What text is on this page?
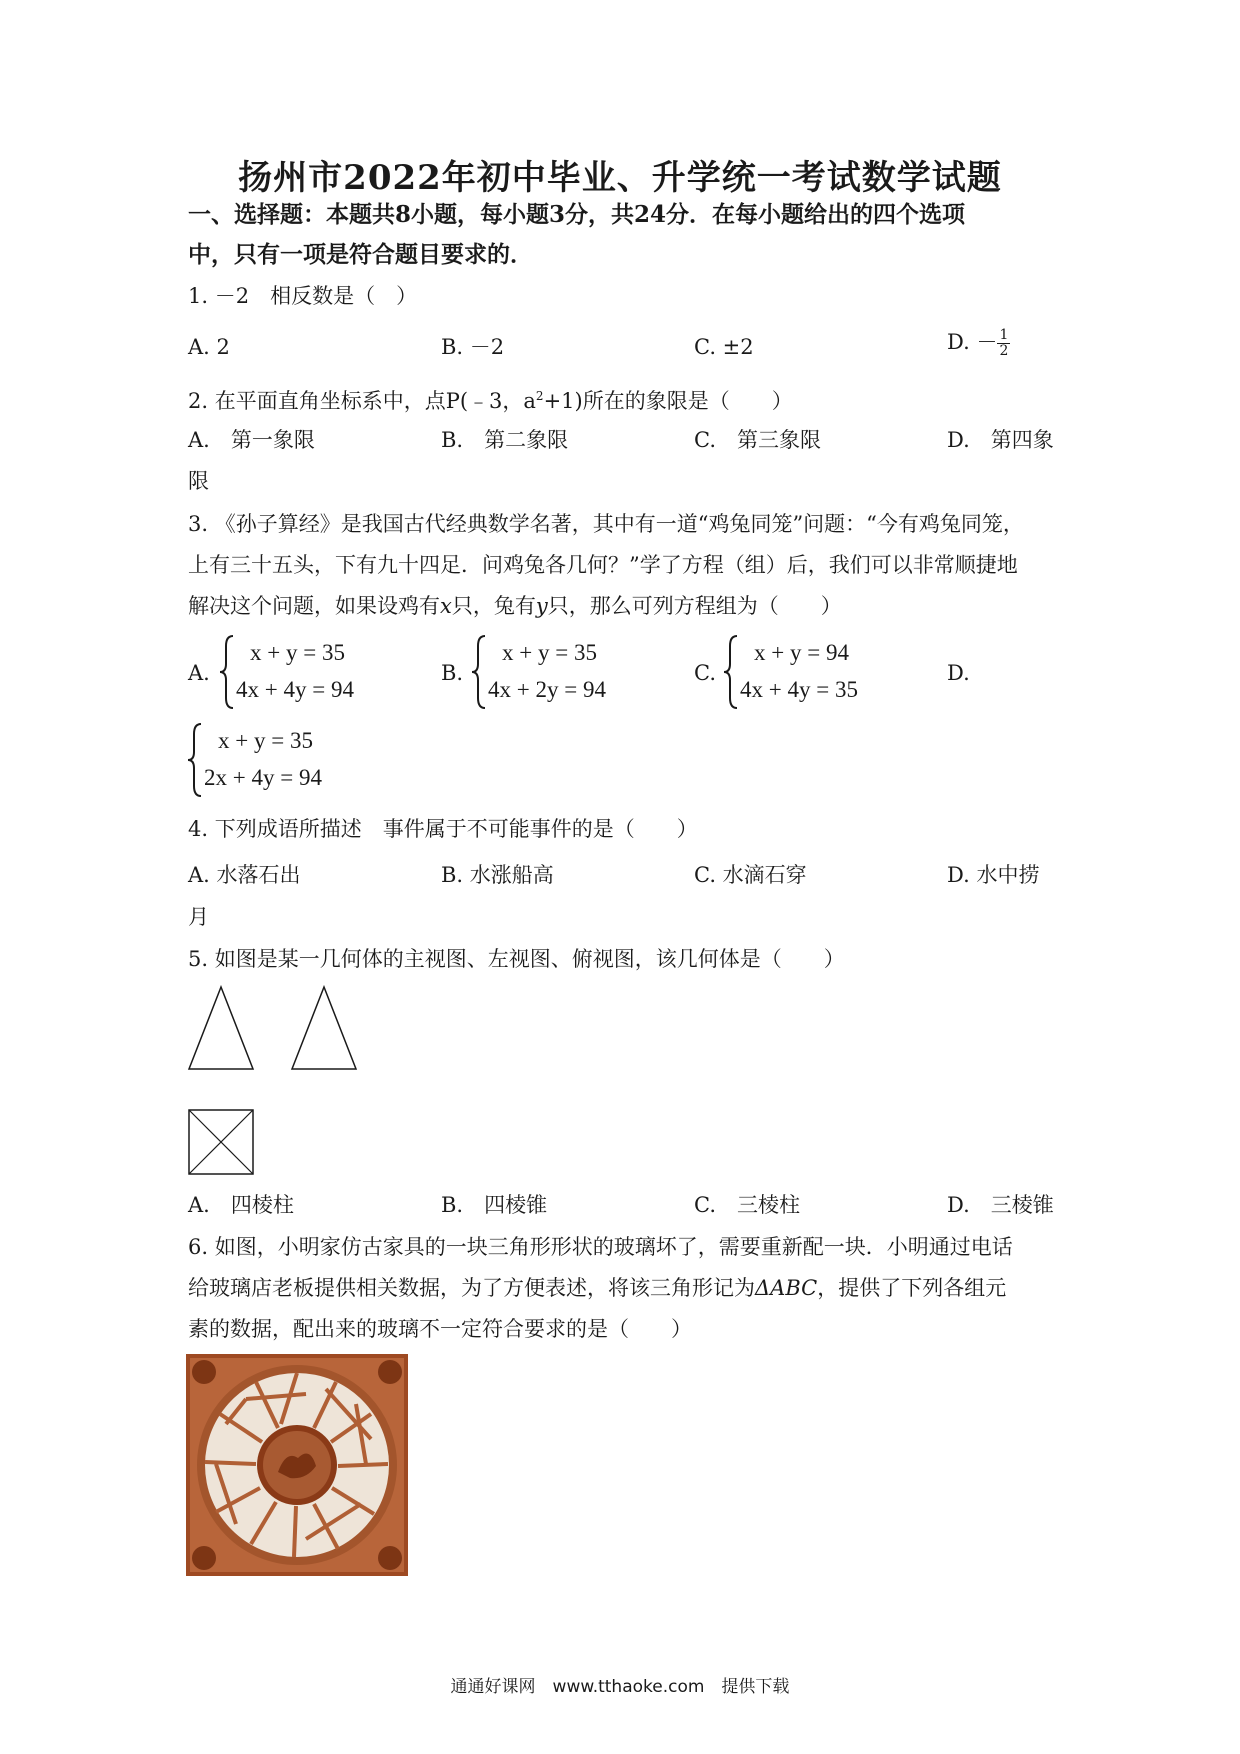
扬州市2022年初中毕业、升学统一考试数学试题
一、选择题：本题共8小题，每小题3分，共24分．在每小题给出的四个选项
中，只有一项是符合题目要求的．
1. －2　相反数是（　）
A. 2	B. －2	C. ±2	D. － $\frac{1}{2}$
2. 在平面直角坐标系中，点P(﹣3，$a^2+1$)所在的象限是（　　）
A.　第一象限	B.　第二象限	C.　第三象限	D.　第四象
限
3. 《孙子算经》是我国古代经典数学名著，其中有一道“鸡兔同笼”问题：“今有鸡兔同笼，
上有三十五头，下有九十四足．问鸡兔各几何？”学了方程（组）后，我们可以非常顺捷地
解决这个问题，如果设鸡有x只，兔有y只，那么可列方程组为（　　）
A.
x + y = 35
4x + 4y = 94
B.
x + y = 35
4x + 2y = 94
C.
x + y = 94
4x + 4y = 35
D.
x + y = 35
2x + 4y = 94
4. 下列成语所描述　事件属于不可能事件的是（　　）
A. 水落石出	B. 水涨船高	C. 水滴石穿	D. 水中捞
月
5. 如图是某一几何体的主视图、左视图、俯视图，该几何体是（　　）
A.　四棱柱	B.　四棱锥	C.　三棱柱	D.　三棱锥
6. 如图，小明家仿古家具的一块三角形形状的玻璃坏了，需要重新配一块．小明通过电话
给玻璃店老板提供相关数据，为了方便表述，将该三角形记为ΔABC，提供了下列各组元
素的数据，配出来的玻璃不一定符合要求的是（　　）
通通好课网　www.tthaoke.com　提供下载
